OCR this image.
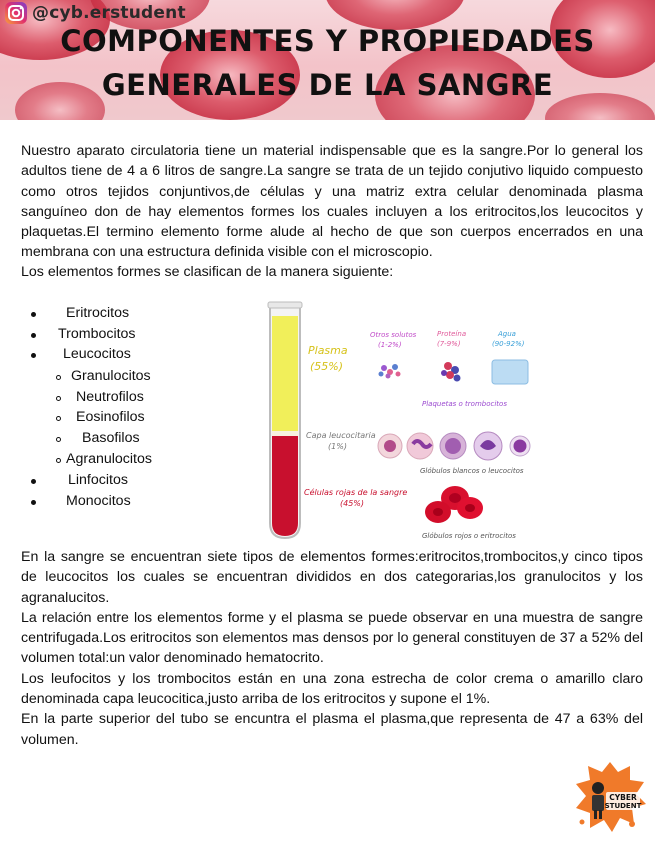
@cyb.erstudent
COMPONENTES Y PROPIEDADES
GENERALES DE LA SANGRE

Nuestro aparato circulatoria tiene un material indispensable que es la sangre.Por lo general los adultos tiene de 4 a 6 litros de sangre.La sangre se trata de un tejido conjutivo liquido compuesto como otros tejidos conjuntivos,de células y una matriz extra celular denominada plasma sanguíneo don de hay elementos formes los cuales incluyen a los eritrocitos,los leucocitos y plaquetas.El termino elemento forme alude al hecho de que son cuerpos encerrados en una membrana con una estructura definida visible con el microscopio.

Los elementos formes se clasifican de la manera siguiente:

Eritrocitos
Trombocitos
Leucocitos
Granulocitos
Neutrofilos
Eosinofilos
Basofilos
Agranulocitos
Linfocitos
Monocitos
Plasma
(55%)
Capa leucocitaria
(1%)
Células rojas de la sangre
(45%)
Otros solutos
(1-2%)
Proteína
(7-9%)
Agua
(90-92%)
Plaquetas o trombocitos
Glóbulos blancos o leucocitos
Glóbulos rojos o eritrocitos
En la sangre se encuentran siete tipos de elementos formes:eritrocitos,trombocitos,y cinco tipos de leucocitos los cuales se encuentran divididos en dos categorarias,los granulocitos y los agranalucitos.
La relación entre los elementos forme y el plasma se puede observar en una muestra de sangre centrifugada.Los eritrocitos son elementos mas densos por lo general constituyen de 37 a 52% del volumen total:un valor denominado hematocrito.
Los leufocitos y los trombocitos están en una zona estrecha de color crema o amarillo claro denominada capa leucocitica,justo arriba de los eritrocitos y supone el 1%.
En la parte superior del tubo se encuntra el plasma el plasma,que representa de 47 a 63% del volumen.
CYBER
STUDENT
